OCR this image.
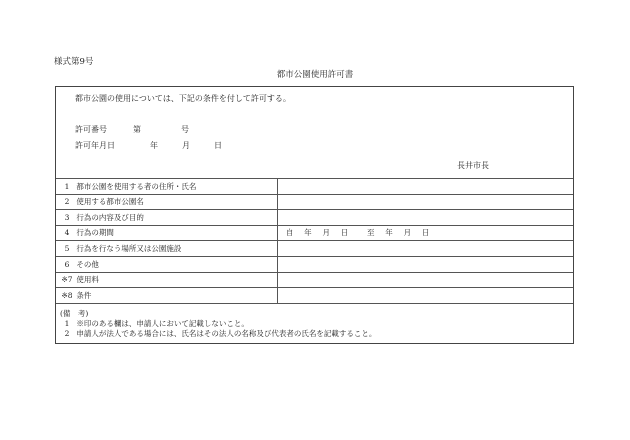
様式第9号
都市公園使用許可書
都市公園の使用については、下記の条件を付して許可する。
許可番号	第	号
許可年月日	年	月	日
長井市長
1 都市公園を使用する者の住所・氏名	
2 使用する都市公園名	
3 行為の内容及び目的	
4 行為の期間	自 年 月 日 至 年 月 日
5 行為を行なう場所又は公園施設	
6 その他	
※7 使用料	
※8 条件	
(備　考)
1 ※印のある欄は、申請人において記載しないこと。
2 申請人が法人である場合には、氏名はその法人の名称及び代表者の氏名を記載すること。
